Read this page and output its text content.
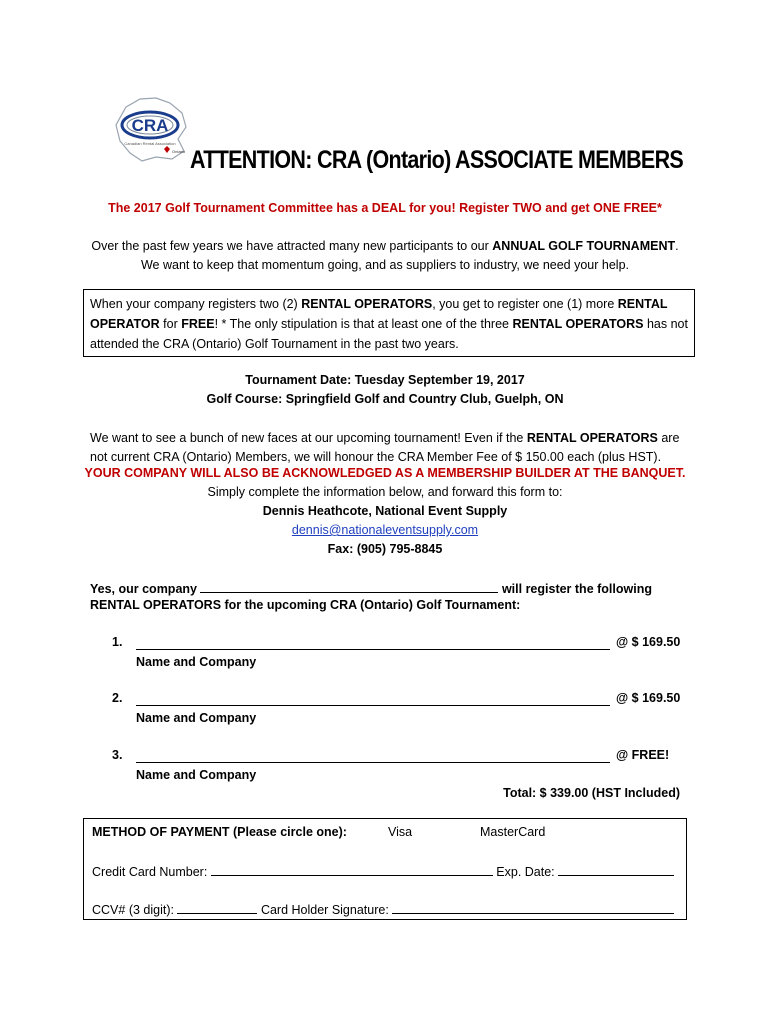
CRA
Canadian Rental Association
Ontario ATTENTION: CRA (Ontario) ASSOCIATE MEMBERS
The 2017 Golf Tournament Committee has a DEAL for you! Register TWO and get ONE FREE*
Over the past few years we have attracted many new participants to our ANNUAL GOLF TOURNAMENT.
We want to keep that momentum going, and as suppliers to industry, we need your help.
When your company registers two (2) RENTAL OPERATORS, you get to register one (1) more RENTAL OPERATOR for FREE! * The only stipulation is that at least one of the three RENTAL OPERATORS has not attended the CRA (Ontario) Golf Tournament in the past two years.
Tournament Date: Tuesday September 19, 2017
Golf Course: Springfield Golf and Country Club, Guelph, ON
We want to see a bunch of new faces at our upcoming tournament! Even if the RENTAL OPERATORS are not current CRA (Ontario) Members, we will honour the CRA Member Fee of $ 150.00 each (plus HST).
YOUR COMPANY WILL ALSO BE ACKNOWLEDGED AS A MEMBERSHIP BUILDER AT THE BANQUET.
Simply complete the information below, and forward this form to:
Dennis Heathcote, National Event Supply
dennis@nationaleventsupply.com
Fax: (905) 795-8845
Yes, our company	will register the following
RENTAL OPERATORS for the upcoming CRA (Ontario) Golf Tournament:
1.	@ $ 169.50
Name and Company
2.	@ $ 169.50
Name and Company
3.	@ FREE!
Name and Company
Total: $ 339.00 (HST Included)
METHOD OF PAYMENT (Please circle one):	Visa	MasterCard
Credit Card Number:	Exp. Date:
CCV# (3 digit):	Card Holder Signature:
